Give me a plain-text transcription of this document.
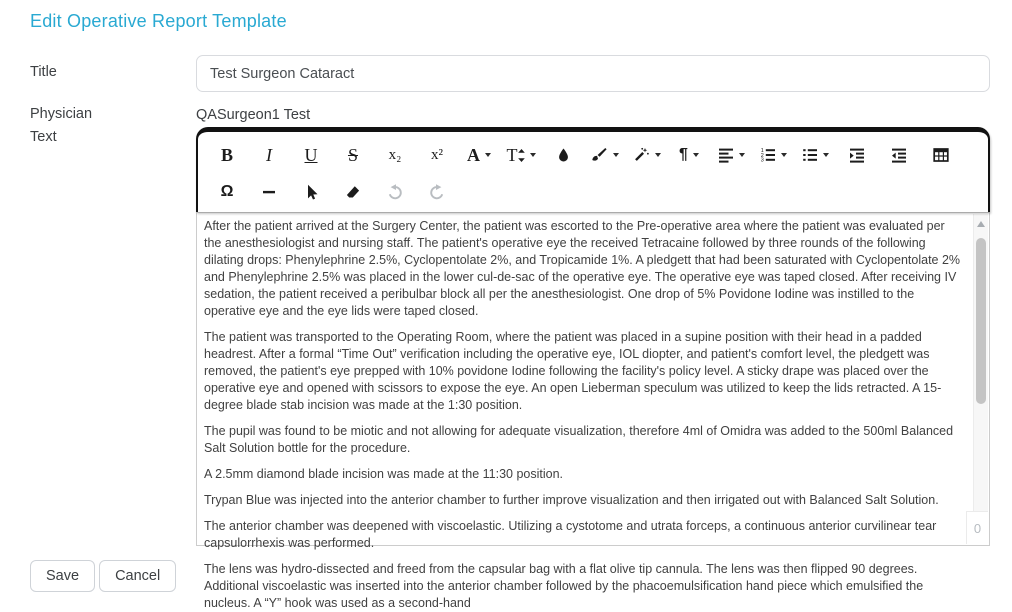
Edit Operative Report Template
Title
Test Surgeon Cataract
Physician	QASurgeon1 Test
Text
B I U S x₂ x² A T	¶	1
2
3
Ω

After the patient arrived at the Surgery Center, the patient was escorted to the Pre-operative area where the patient was evaluated per the anesthesiologist and nursing staff. The patient's operative eye the received Tetracaine followed by three rounds of the following dilating drops: Phenylephrine 2.5%, Cyclopentolate 2%, and Tropicamide 1%. A pledgett that had been saturated with Cyclopentolate 2% and Phenylephrine 2.5% was placed in the lower cul-de-sac of the operative eye. The operative eye was taped closed. After receiving IV sedation, the patient received a peribulbar block all per the anesthesiologist. One drop of 5% Povidone Iodine was instilled to the operative eye and the eye lids were taped closed.

The patient was transported to the Operating Room, where the patient was placed in a supine position with their head in a padded headrest. After a formal “Time Out” verification including the operative eye, IOL diopter, and patient's comfort level, the pledgett was removed, the patient's eye prepped with 10% povidone Iodine following the facility's policy level. A sticky drape was placed over the operative eye and opened with scissors to expose the eye. An open Lieberman speculum was utilized to keep the lids retracted. A 15-degree blade stab incision was made at the 1:30 position.

The pupil was found to be miotic and not allowing for adequate visualization, therefore 4ml of Omidra was added to the 500ml Balanced Salt Solution bottle for the procedure.

A 2.5mm diamond blade incision was made at the 11:30 position.

Trypan Blue was injected into the anterior chamber to further improve visualization and then irrigated out with Balanced Salt Solution.

The anterior chamber was deepened with viscoelastic. Utilizing a cystotome and utrata forceps, a continuous anterior curvilinear tear capsulorrhexis was performed.

The lens was hydro-dissected and freed from the capsular bag with a flat olive tip cannula. The lens was then flipped 90 degrees. Additional viscoelastic was inserted into the anterior chamber followed by the phacoemulsification hand piece which emulsified the nucleus. A “Y” hook was used as a second-hand

0
Save	Cancel
